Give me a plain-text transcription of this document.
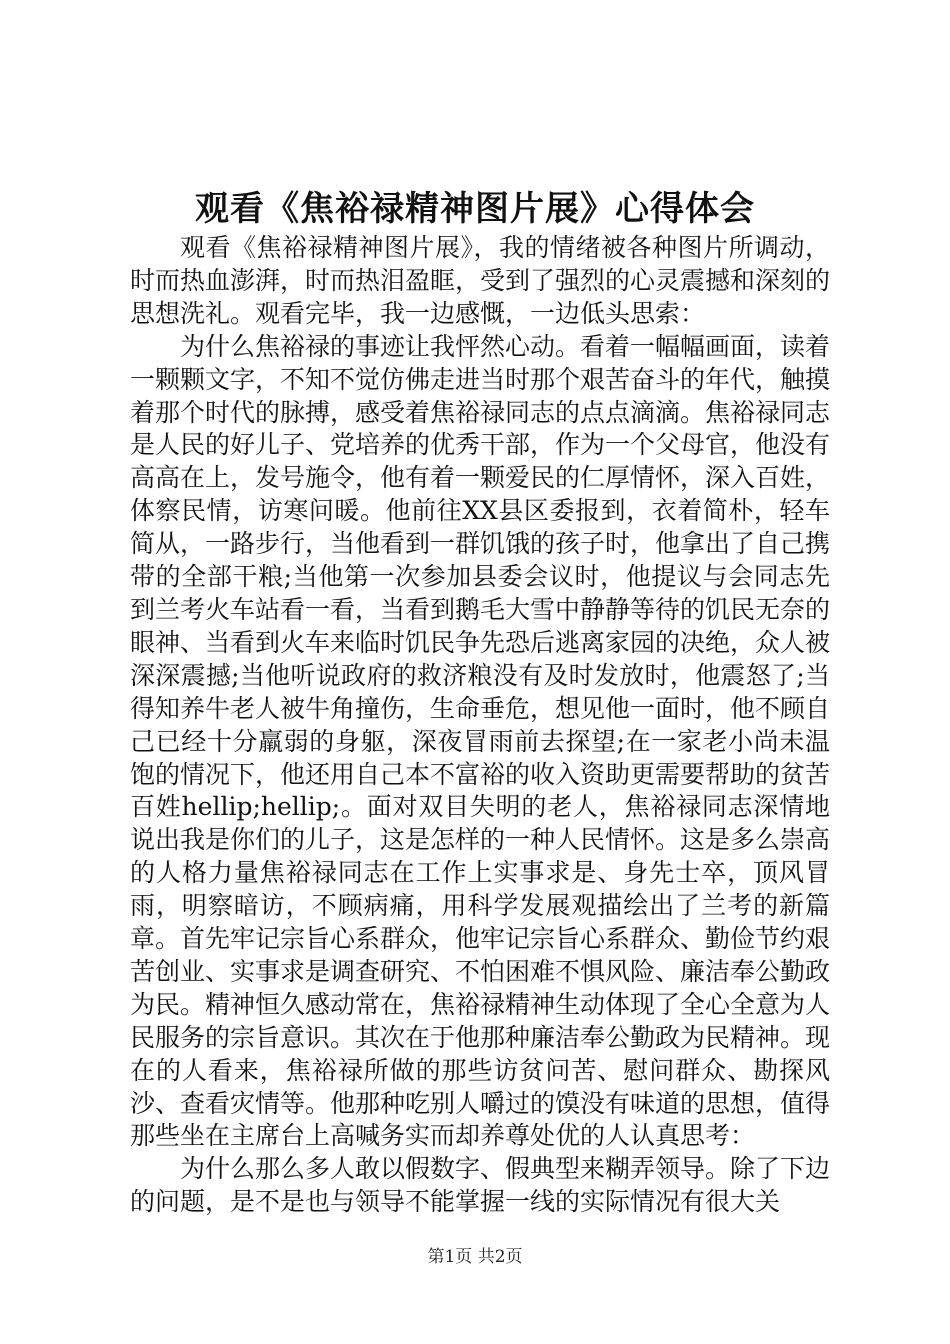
观看《焦裕禄精神图片展》心得体会

观看《焦裕禄精神图片展》，我的情绪被各种图片所调动，时而热血澎湃，时而热泪盈眶，受到了强烈的心灵震撼和深刻的思想洗礼。观看完毕，我一边感慨，一边低头思索：

为什么焦裕禄的事迹让我怦然心动。看着一幅幅画面，读着一颗颗文字，不知不觉仿佛走进当时那个艰苦奋斗的年代，触摸着那个时代的脉搏，感受着焦裕禄同志的点点滴滴。焦裕禄同志是人民的好儿子、党培养的优秀干部，作为一个父母官，他没有高高在上，发号施令，他有着一颗爱民的仁厚情怀，深入百姓，体察民情，访寒问暖。他前往XX县区委报到，衣着简朴，轻车简从，一路步行，当他看到一群饥饿的孩子时，他拿出了自己携带的全部干粮;当他第一次参加县委会议时，他提议与会同志先到兰考火车站看一看，当看到鹅毛大雪中静静等待的饥民无奈的眼神、当看到火车来临时饥民争先恐后逃离家园的决绝，众人被深深震撼;当他听说政府的救济粮没有及时发放时，他震怒了;当得知养牛老人被牛角撞伤，生命垂危，想见他一面时，他不顾自己已经十分羸弱的身躯，深夜冒雨前去探望;在一家老小尚未温饱的情况下，他还用自己本不富裕的收入资助更需要帮助的贫苦百姓hellip;hellip;。面对双目失明的老人，焦裕禄同志深情地说出我是你们的儿子，这是怎样的一种人民情怀。这是多么崇高的人格力量焦裕禄同志在工作上实事求是、身先士卒，顶风冒雨，明察暗访，不顾病痛，用科学发展观描绘出了兰考的新篇章。首先牢记宗旨心系群众，他牢记宗旨心系群众、勤俭节约艰苦创业、实事求是调查研究、不怕困难不惧风险、廉洁奉公勤政为民。精神恒久感动常在，焦裕禄精神生动体现了全心全意为人民服务的宗旨意识。其次在于他那种廉洁奉公勤政为民精神。现在的人看来，焦裕禄所做的那些访贫问苦、慰问群众、勘探风沙、查看灾情等。他那种吃别人嚼过的馍没有味道的思想，值得那些坐在主席台上高喊务实而却养尊处优的人认真思考：

为什么那么多人敢以假数字、假典型来糊弄领导。除了下边的问题，是不是也与领导不能掌握一线的实际情况有很大关

第1页 共2页
